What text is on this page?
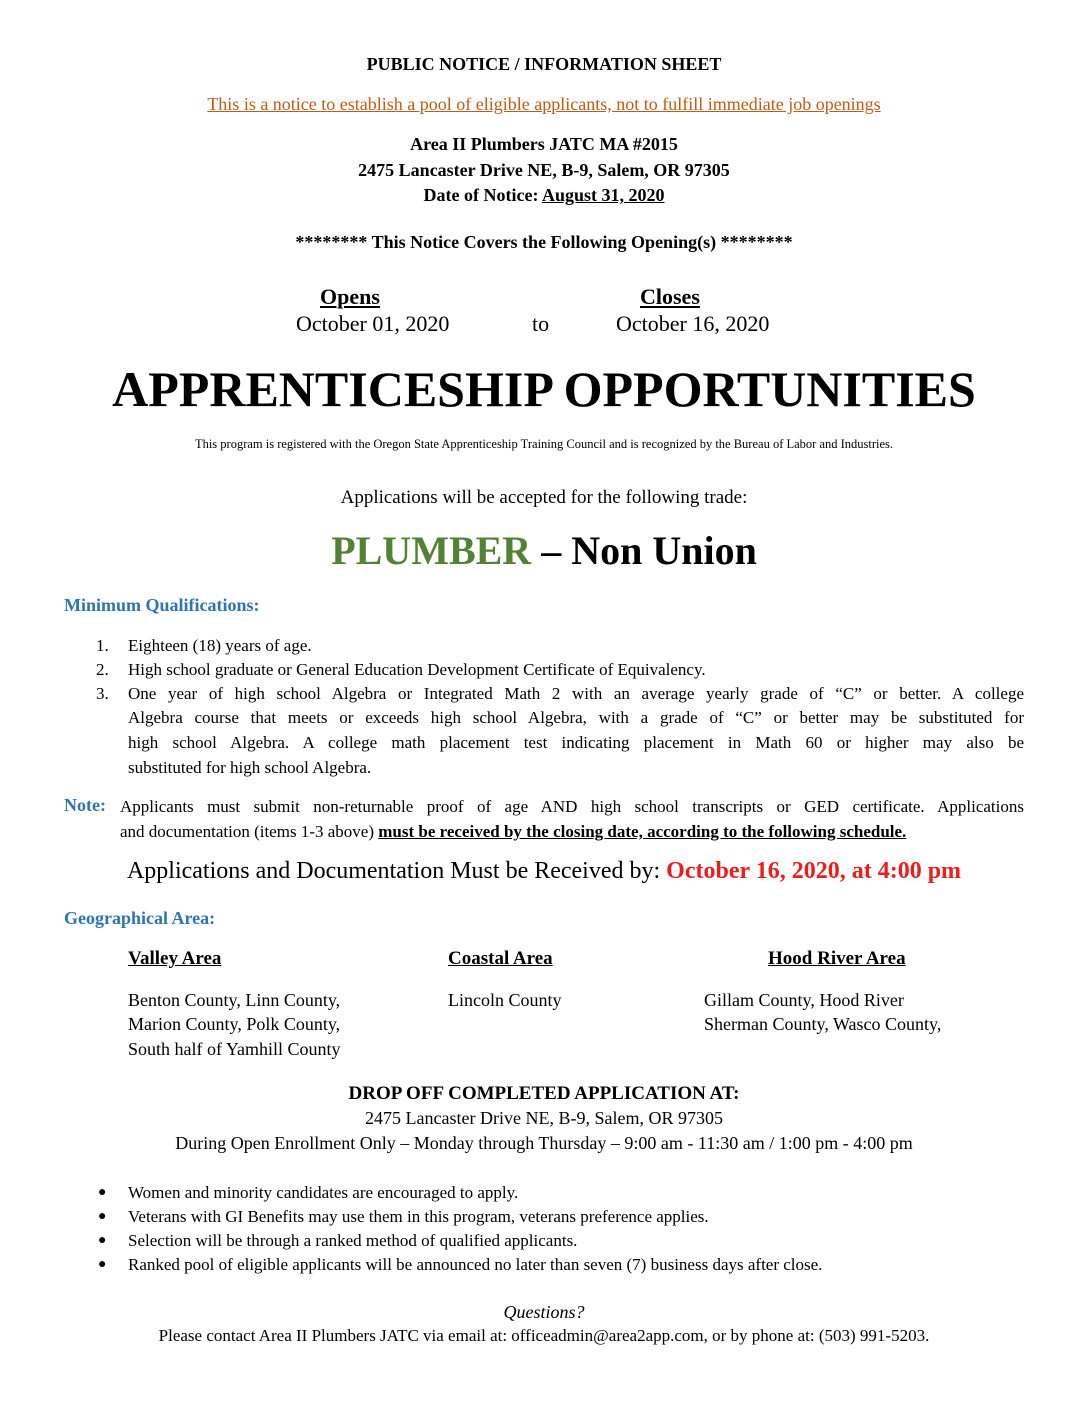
PUBLIC NOTICE / INFORMATION SHEET
This is a notice to establish a pool of eligible applicants, not to fulfill immediate job openings
Area II Plumbers JATC MA #2015
2475 Lancaster Drive NE, B-9, Salem, OR 97305
Date of Notice: August 31, 2020
******** This Notice Covers the Following Opening(s) ********
Opens
October 01, 2020	to
Closes
October 16, 2020
APPRENTICESHIP OPPORTUNITIES
This program is registered with the Oregon State Apprenticeship Training Council and is recognized by the Bureau of Labor and Industries.
Applications will be accepted for the following trade:
PLUMBER – Non Union
Minimum Qualifications:
1. Eighteen (18) years of age.
2. High school graduate or General Education Development Certificate of Equivalency.
3. One year of high school Algebra or Integrated Math 2 with an average yearly grade of “C” or better. A college
Algebra course that meets or exceeds high school Algebra, with a grade of “C” or better may be substituted for
high school Algebra. A college math placement test indicating placement in Math 60 or higher may also be
substituted for high school Algebra.
Note: Applicants must submit non-returnable proof of age AND high school transcripts or GED certificate. Applications
and documentation (items 1-3 above) must be received by the closing date, according to the following schedule.
Applications and Documentation Must be Received by: October 16, 2020, at 4:00 pm
Geographical Area:
Valley Area
Benton County, Linn County,
Marion County, Polk County,
South half of Yamhill County
Coastal Area
Lincoln County
Hood River Area
Gillam County, Hood River
Sherman County, Wasco County,
DROP OFF COMPLETED APPLICATION AT:
2475 Lancaster Drive NE, B-9, Salem, OR 97305
During Open Enrollment Only – Monday through Thursday – 9:00 am - 11:30 am / 1:00 pm - 4:00 pm
● Women and minority candidates are encouraged to apply.
● Veterans with GI Benefits may use them in this program, veterans preference applies.
● Selection will be through a ranked method of qualified applicants.
● Ranked pool of eligible applicants will be announced no later than seven (7) business days after close.
Questions?
Please contact Area II Plumbers JATC via email at: officeadmin@area2app.com, or by phone at: (503) 991-5203.
